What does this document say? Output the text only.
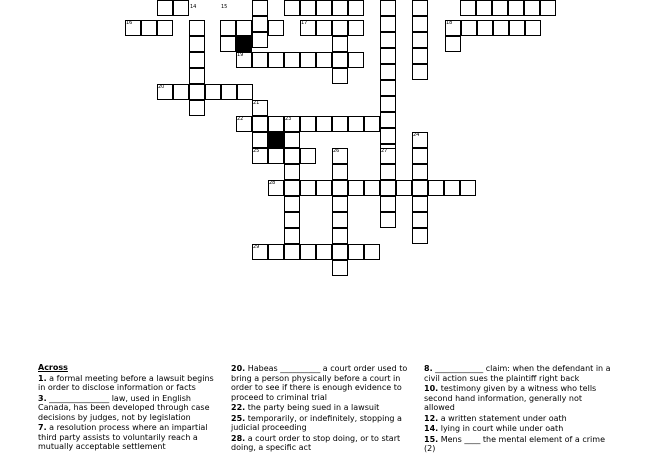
14	15
16	17	18
19
20
21
22	23
24
25	26	27
28
29
Across
1. a formal meeting before a lawsuit begins in order to disclose information or facts
3. _______________ law, used in English Canada, has been developed through case decisions by judges, not by legislation
7. a resolution process where an impartial third party assists to voluntarily reach a mutually acceptable settlement
20. Habeas __________ a court order used to bring a person physically before a court in order to see if there is enough evidence to proceed to criminal trial
22. the party being sued in a lawsuit
25. temporarily, or indefinitely, stopping a judicial proceeding
28. a court order to stop doing, or to start doing, a specific act
8. ____________ claim: when the defendant in a civil action sues the plaintiff right back
10. testimony given by a witness who tells second hand information, generally not allowed
12. a written statement under oath
14. lying in court while under oath
15. Mens ____ the mental element of a crime (2)
